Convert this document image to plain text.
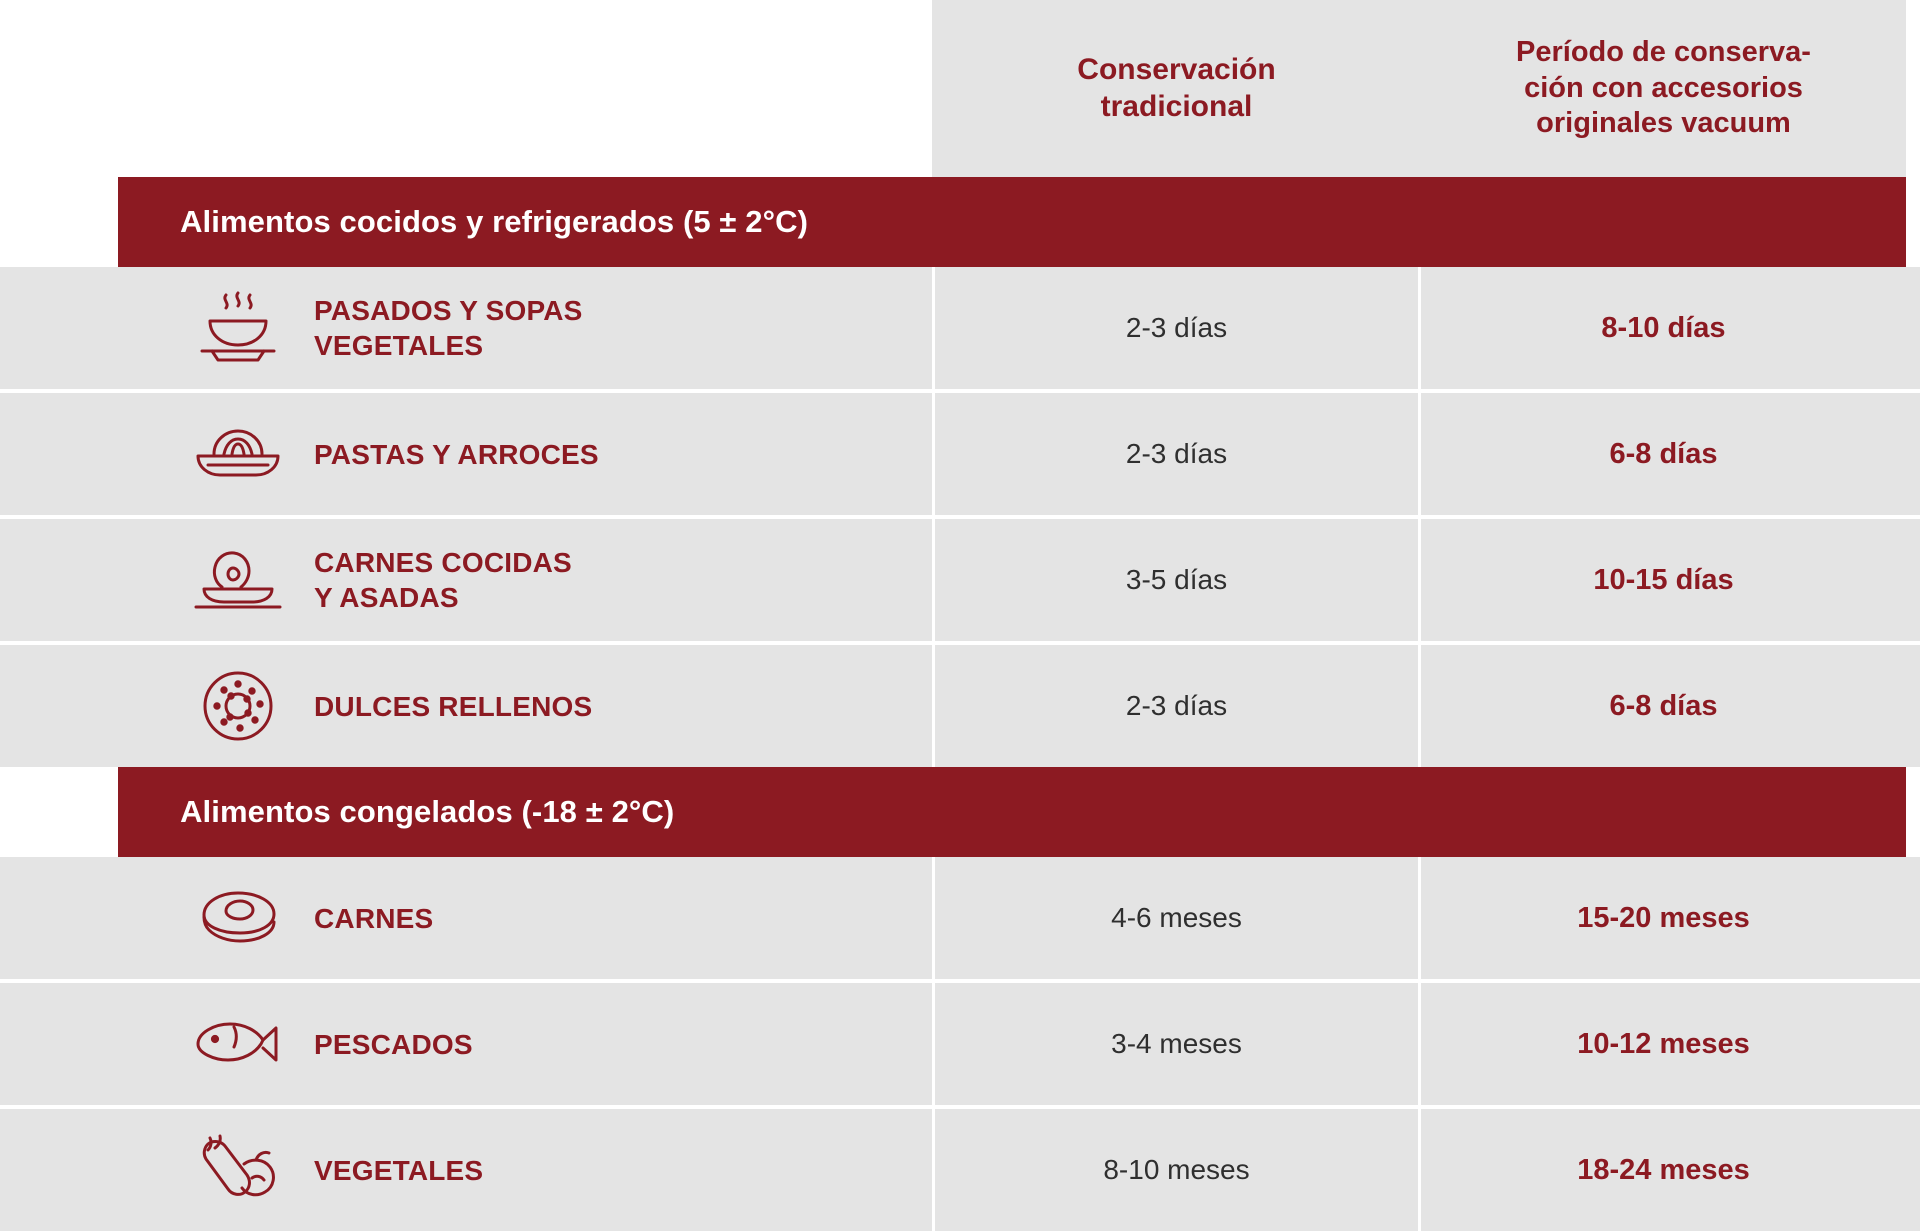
Conservación
tradicional
Período de conserva-
ción con accesorios
originales vacuum
Alimentos cocidos y refrigerados (5 ± 2°C)
PASADOS Y SOPAS
VEGETALES
2-3 días	8-10 días
PASTAS Y ARROCES	2-3 días	6-8 días
CARNES COCIDAS
Y ASADAS
3-5 días	10-15 días
DULCES RELLENOS	2-3 días	6-8 días
Alimentos congelados (-18 ± 2°C)
CARNES	4-6 meses	15-20 meses
PESCADOS	3-4 meses	10-12 meses
VEGETALES	8-10 meses	18-24 meses
